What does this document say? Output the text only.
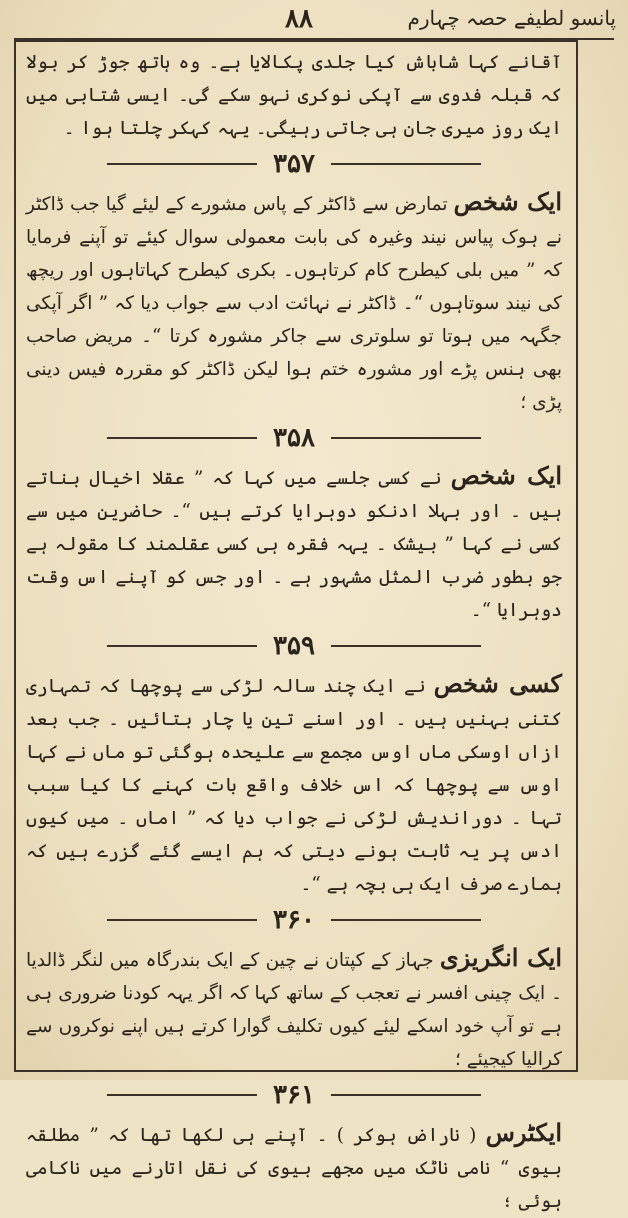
۸۸	پانسو لطیفے حصہ چہارم

آقانے کہا شاباش کیا جلدی پکالایا ہے۔ وہ ہاتھ جوڑ کر بولا کہ قبلہ فدوی سے آپکی نوکری نہو سکے گی۔ ایسی شتابی میں ایک روز میری جان ہی جاتی رہیگی۔ یہہ کہکر چلتا ہوا ۔

۳۵۷

ایک شخص تمارض سے ڈاکٹر کے پاس مشورے کے لیئے گیا جب ڈاکٹر نے ہوک پیاس نیند وغیرہ کی بابت معمولی سوال کیئے تو آپنے فرمایا کہ ” میں بلی کیطرح کام کرتاہوں۔ بکری کیطرح کہاتاہوں اور ریچھ کی نیند سوتاہوں “۔ ڈاکٹر نے نہائت ادب سے جواب دیا کہ ” اگر آپکی جگہہ میں ہوتا تو سلوتری سے جاکر مشورہ کرتا “۔ مریض صاحب بھی ہنس پڑے اور مشورہ ختم ہوا لیکن ڈاکٹر کو مقررہ فیس دینی پڑی ؛

۳۵۸

ایک شخص نے کسی جلسے میں کہا کہ ” عقلا اخیال بناتے ہیں ۔ اور بہلا ادنکو دوہرایا کرتے ہیں “۔ حاضرین میں سے کسی نے کہا ” بیشک ۔ یہہ فقرہ ہی کسی عقلمند کا مقولہ ہے جو بطور ضرب المثل مشہور ہے ۔ اور جس کو آپنے اس وقت دوہرایا “۔

۳۵۹

کسی شخص نے ایک چند سالہ لڑکی سے پوچھا کہ تمہاری کتنی بہنیں ہیں ۔ اور اسنے تین یا چار بتائیں ۔ جب بعد ازاں اوسکی ماں اوس مجمع سے علیحدہ ہوگئی تو ماں نے کہا اوس سے پوچھا کہ اس خلاف واقع بات کہنے کا کیا سبب تہا ۔ دوراندیش لڑکی نے جواب دیا کہ ” اماں ۔ میں کیوں ادس پر یہ ثابت ہونے دیتی کہ ہم ایسے گئے گزرے ہیں کہ ہمارے صرف ایک ہی بچہ ہے “۔

۳۶۰

ایک انگریزی جہاز کے کپتان نے چین کے ایک بندرگاہ میں لنگر ڈالدیا ۔ ایک چینی افسر نے تعجب کے ساتھ کہا کہ اگر یہہ کودنا ضروری ہی ہے تو آپ خود اسکے لیئے کیوں تکلیف گوارا کرتے ہیں اپنے نوکروں سے کرالیا کیجیئے ؛

۳۶۱

ایکٹرس ( ناراض ہوکر ) ۔ آپنے ہی لکھا تھا کہ ” مطلقہ بیوی “ نامی ناٹک میں مجھے بیوی کی نقل اتارنے میں ناکامی ہوئی ؛
